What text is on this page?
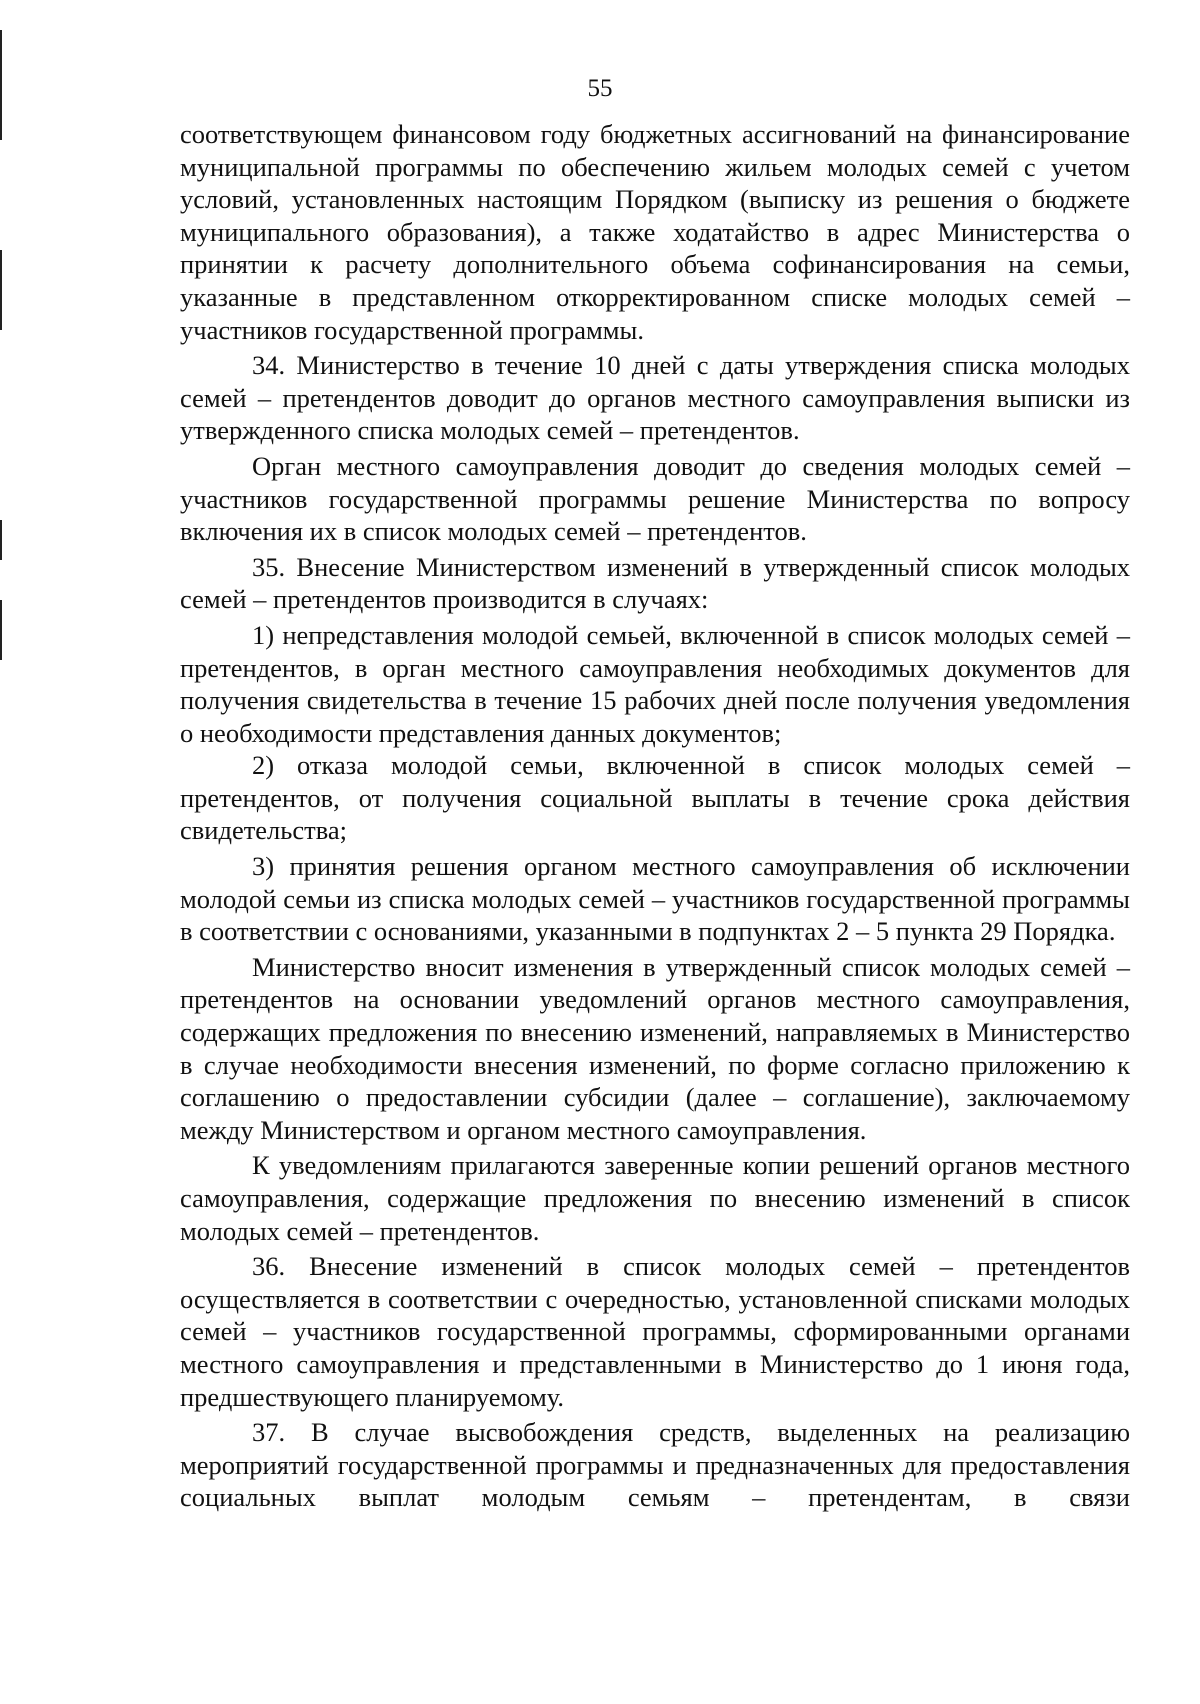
55

соответствующем финансовом году бюджетных ассигнований на финансирование муниципальной программы по обеспечению жильем молодых семей с учетом условий, установленных настоящим Порядком (выписку из решения о бюджете муниципального образования), а также ходатайство в адрес Министерства о принятии к расчету дополнительного объема софинансирования на семьи, указанные в представленном откорректированном списке молодых семей – участников государственной программы.

34. Министерство в течение 10 дней с даты утверждения списка молодых семей – претендентов доводит до органов местного самоуправления выписки из утвержденного списка молодых семей – претендентов.

Орган местного самоуправления доводит до сведения молодых семей – участников государственной программы решение Министерства по вопросу включения их в список молодых семей – претендентов.

35. Внесение Министерством изменений в утвержденный список молодых семей – претендентов производится в случаях:

1) непредставления молодой семьей, включенной в список молодых семей – претендентов, в орган местного самоуправления необходимых документов для получения свидетельства в течение 15 рабочих дней после получения уведомления о необходимости представления данных документов;

2) отказа молодой семьи, включенной в список молодых семей – претендентов, от получения социальной выплаты в течение срока действия свидетельства;

3) принятия решения органом местного самоуправления об исключении молодой семьи из списка молодых семей – участников государственной программы в соответствии с основаниями, указанными в подпунктах 2 – 5 пункта 29 Порядка.

Министерство вносит изменения в утвержденный список молодых семей – претендентов на основании уведомлений органов местного самоуправления, содержащих предложения по внесению изменений, направляемых в Министерство в случае необходимости внесения изменений, по форме согласно приложению к соглашению о предоставлении субсидии (далее – соглашение), заключаемому между Министерством и органом местного самоуправления.

К уведомлениям прилагаются заверенные копии решений органов местного самоуправления, содержащие предложения по внесению изменений в список молодых семей – претендентов.

36. Внесение изменений в список молодых семей – претендентов осуществляется в соответствии с очередностью, установленной списками молодых семей – участников государственной программы, сформированными органами местного самоуправления и представленными в Министерство до 1 июня года, предшествующего планируемому.

37. В случае высвобождения средств, выделенных на реализацию мероприятий государственной программы и предназначенных для предоставления социальных выплат молодым семьям – претендентам, в связи
